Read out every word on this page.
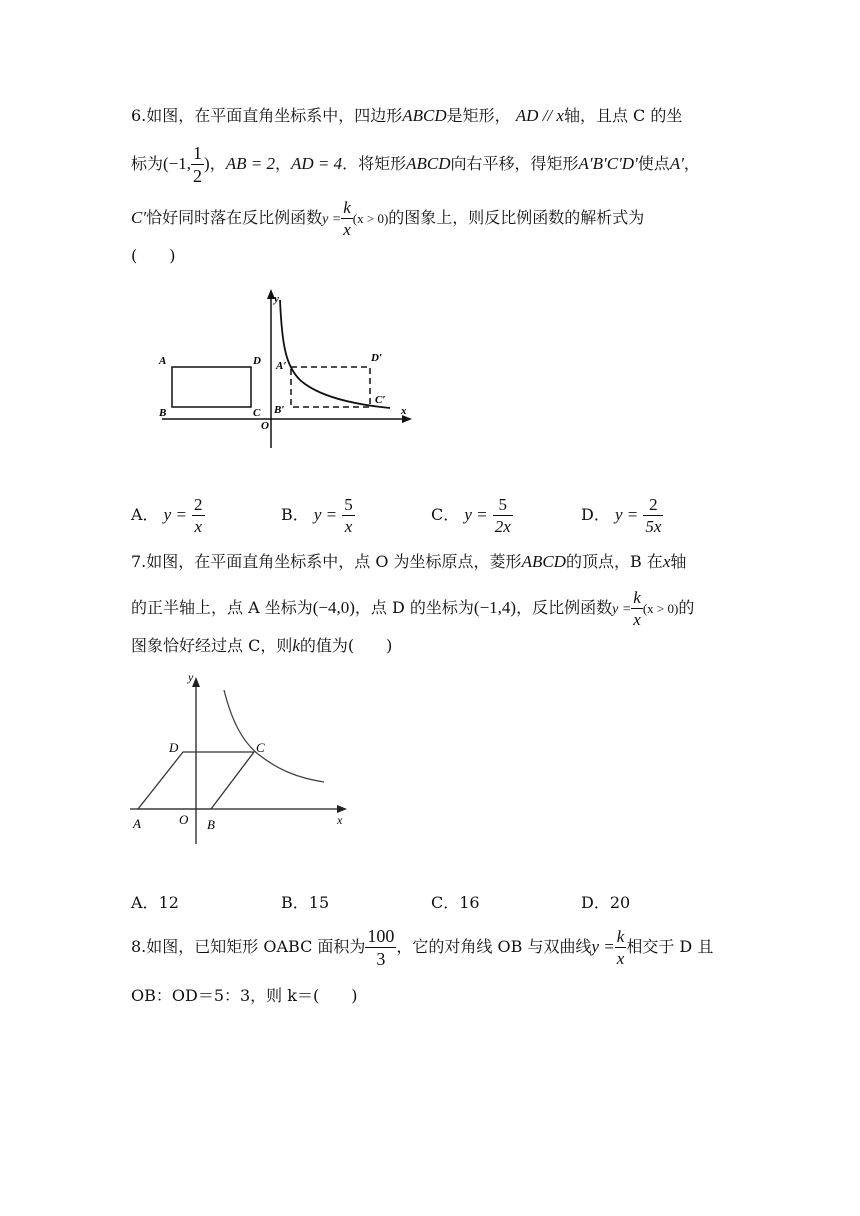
6.如图，在平面直角坐标系中，四边形ABCD是矩形， AD // x轴，且点 C 的坐
标为(−1, $\frac{1}{2}$ )，AB = 2，AD = 4．将矩形ABCD向右平移，得矩形A′B′C′D′使点A′，
C′恰好同时落在反比例函数$y = \frac{k}{x} (x > 0)$的图象上，则反比例函数的解析式为
(　　)
A
B	C
D A′
B′
C′
D′
O
y
x
A． $y = \frac{2}{x}$	B． $y = \frac{5}{x}$	C． $y = \frac{5}{2x}$	D． $y = \frac{2}{5x}$
7.如图，在平面直角坐标系中，点 O 为坐标原点，菱形ABCD的顶点，B 在x轴
的正半轴上，点 A 坐标为(−4,0)，点 D 的坐标为(−1,4)，反比例函数$y = \frac{k}{x} (x > 0)$的
图象恰好经过点 C，则k的值为(　　)
y
D	C
A	O B	x
A．12	B．15	C．16	D．20
8.如图，已知矩形 OABC 面积为 $\frac{100}{3}$ ，它的对角线 OB 与双曲线$y = \frac{k}{x}$ 相交于 D 且
OB：OD＝5：3，则 k＝(　　)
